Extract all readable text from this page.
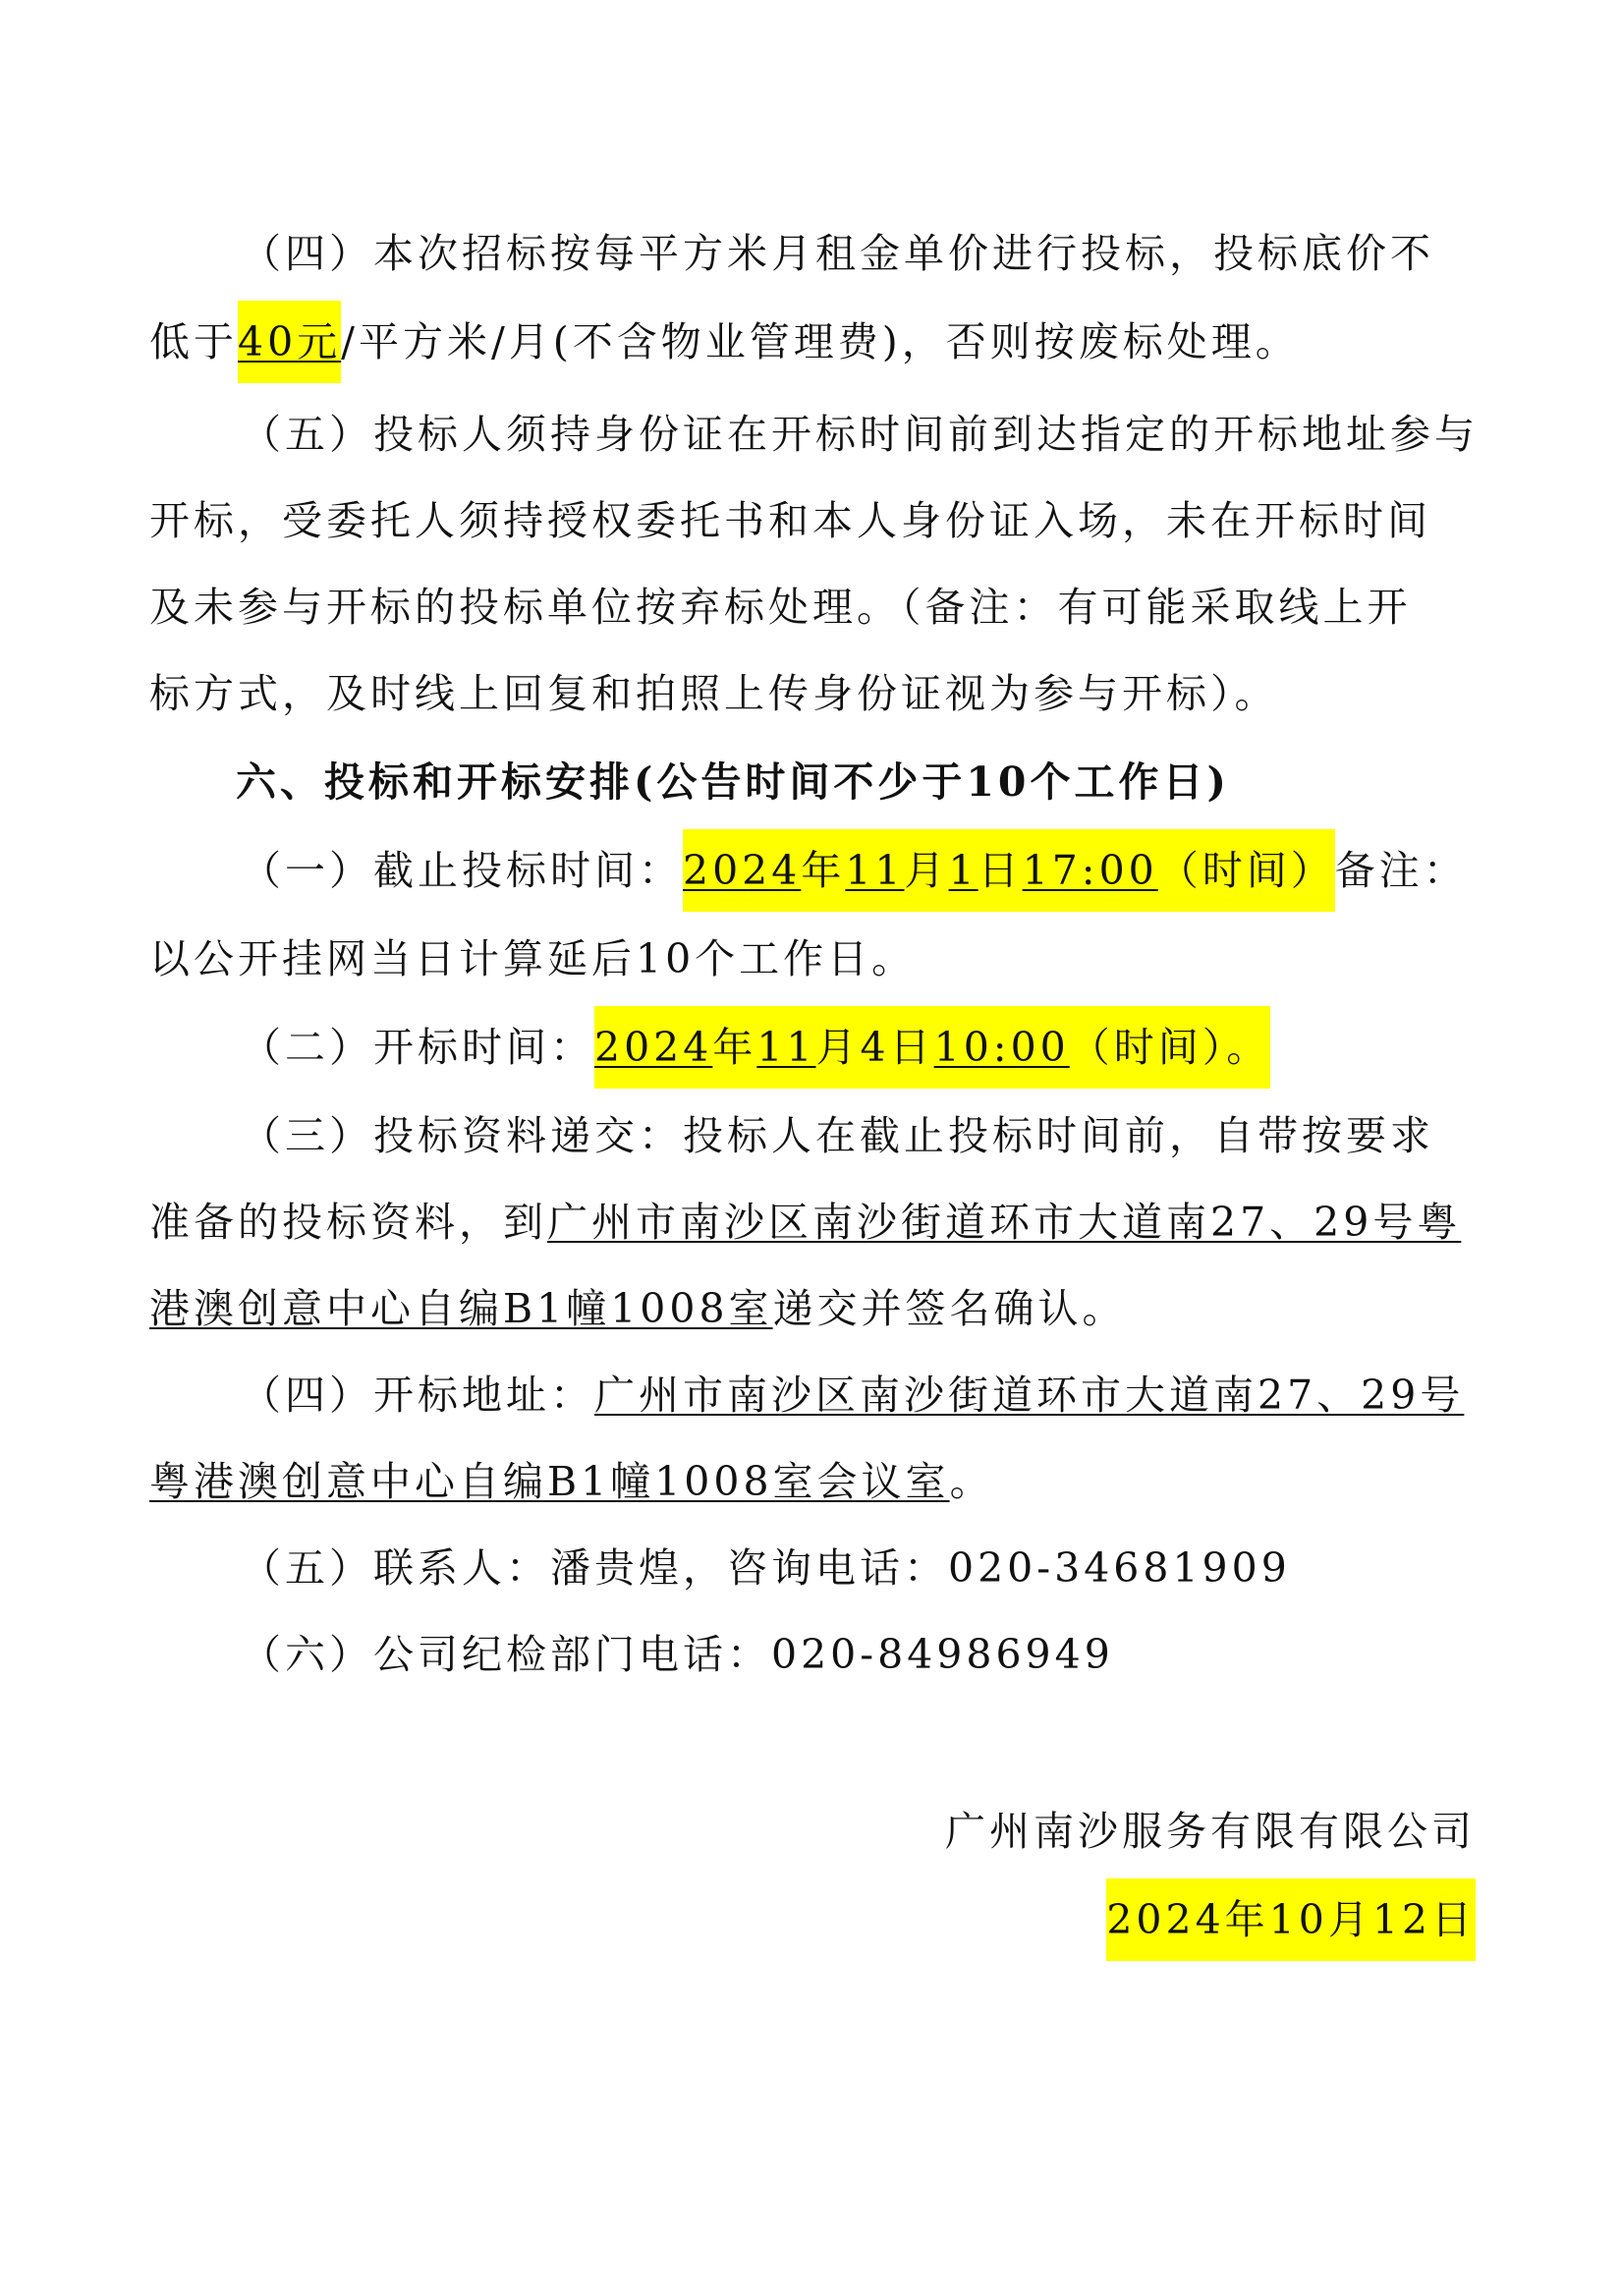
（四）本次招标按每平方米月租金单价进行投标，投标底价不
低于40元/平方米/月(不含物业管理费)，否则按废标处理。
（五）投标人须持身份证在开标时间前到达指定的开标地址参与
开标，受委托人须持授权委托书和本人身份证入场，未在开标时间
及未参与开标的投标单位按弃标处理。（备注：有可能采取线上开
标方式，及时线上回复和拍照上传身份证视为参与开标）。
六、投标和开标安排(公告时间不少于10个工作日)
（一）截止投标时间：2024年11月1日17:00（时间）备注：
以公开挂网当日计算延后10个工作日。
（二）开标时间：2024年11月4日10:00（时间）。
（三）投标资料递交：投标人在截止投标时间前，自带按要求
准备的投标资料，到广州市南沙区南沙街道环市大道南27、29号粤
港澳创意中心自编B1幢1008室递交并签名确认。
（四）开标地址：广州市南沙区南沙街道环市大道南27、29号
粤港澳创意中心自编B1幢1008室会议室。
（五）联系人：潘贵煌，咨询电话：020-34681909
（六）公司纪检部门电话：020-84986949
广州南沙服务有限有限公司
2024年10月12日
